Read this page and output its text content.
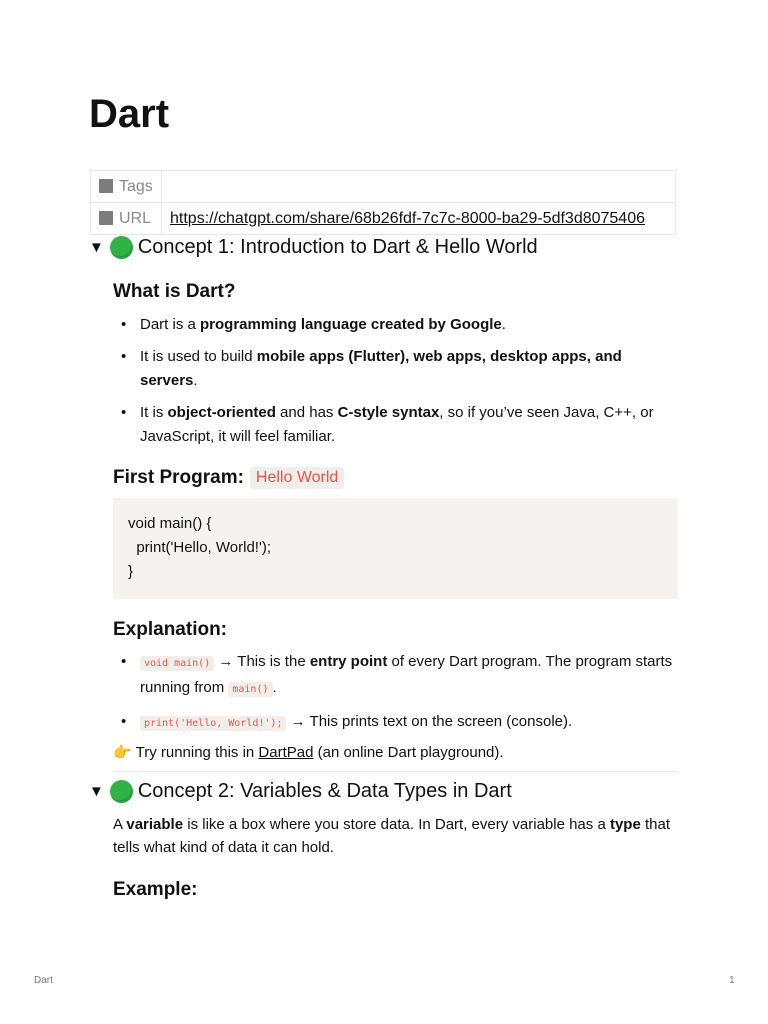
Dart
Tags	
URL	https://chatgpt.com/share/68b26fdf-7c7c-8000-ba29-5df3d8075406
▼ Concept 1: Introduction to Dart & Hello World
What is Dart?
• Dart is a programming language created by Google.
• It is used to build mobile apps (Flutter), web apps, desktop apps, and servers.
• It is object-oriented and has C-style syntax, so if you’ve seen Java, C++, or JavaScript, it will feel familiar.
First Program: Hello World
void main() {
print('Hello, World!');
}
Explanation:
• void main() → This is the entry point of every Dart program. The program starts running from main() .
• print('Hello, World!'); → This prints text on the screen (console).
👉 Try running this in DartPad (an online Dart playground).
▼ Concept 2: Variables & Data Types in Dart

A variable is like a box where you store data. In Dart, every variable has a type that tells what kind of data it can hold.

Example:
Dart	1
